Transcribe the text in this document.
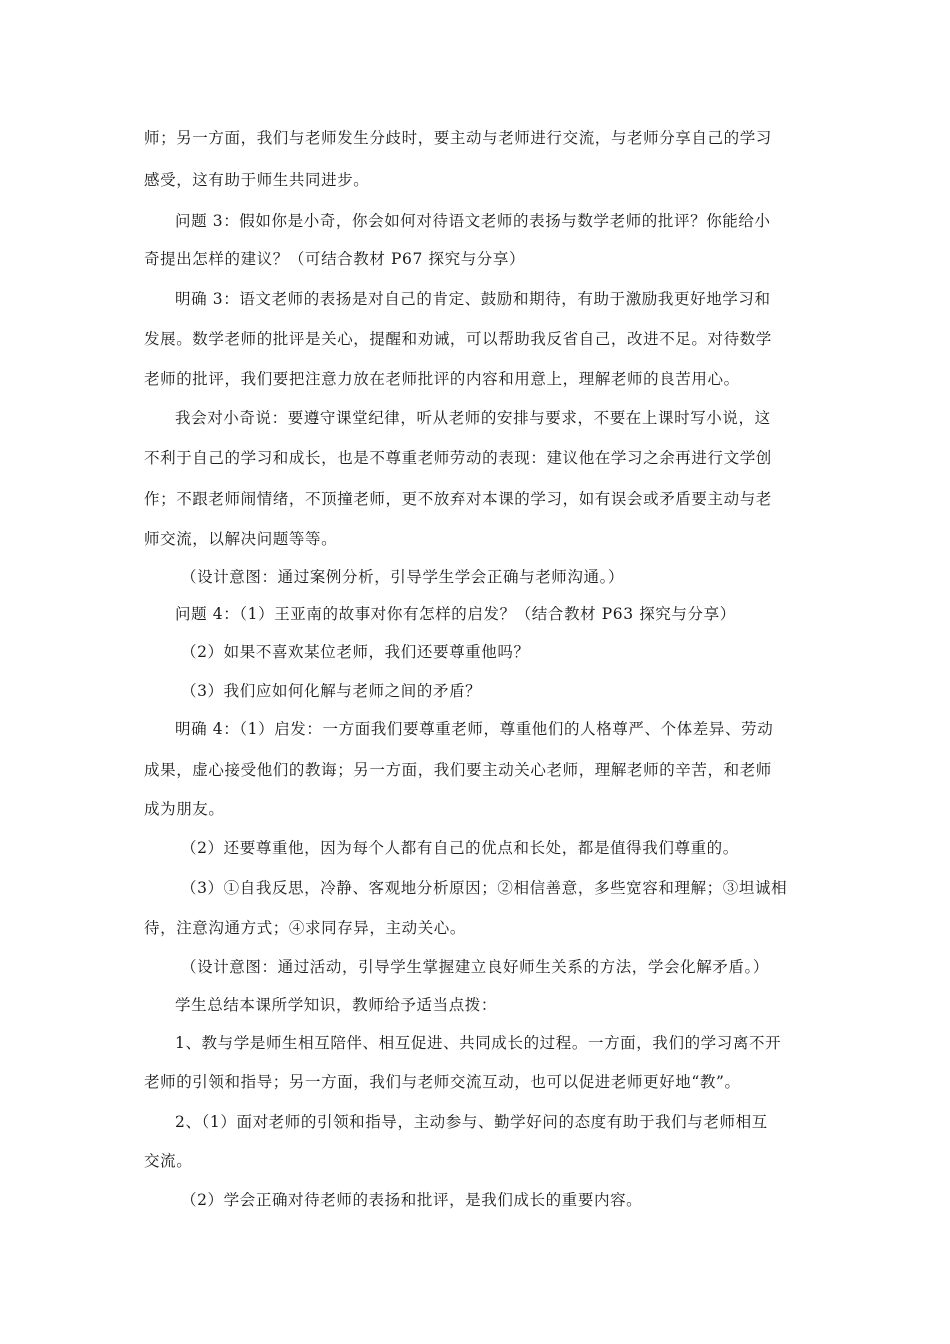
师；另一方面，我们与老师发生分歧时，要主动与老师进行交流，与老师分享自己的学习
感受，这有助于师生共同进步。
问题 3：假如你是小奇，你会如何对待语文老师的表扬与数学老师的批评？你能给小
奇提出怎样的建议？（可结合教材 P67 探究与分享）
明确 3：语文老师的表扬是对自己的肯定、鼓励和期待，有助于激励我更好地学习和
发展。数学老师的批评是关心，提醒和劝诫，可以帮助我反省自己，改进不足。对待数学
老师的批评，我们要把注意力放在老师批评的内容和用意上，理解老师的良苦用心。
我会对小奇说：要遵守课堂纪律，听从老师的安排与要求，不要在上课时写小说，这
不利于自己的学习和成长，也是不尊重老师劳动的表现：建议他在学习之余再进行文学创
作；不跟老师闹情绪，不顶撞老师，更不放弃对本课的学习，如有误会或矛盾要主动与老
师交流，以解决问题等等。
（设计意图：通过案例分析，引导学生学会正确与老师沟通。）
问题 4：（1）王亚南的故事对你有怎样的启发？（结合教材 P63 探究与分享）
（2）如果不喜欢某位老师，我们还要尊重他吗？
（3）我们应如何化解与老师之间的矛盾？
明确 4：（1）启发：一方面我们要尊重老师，尊重他们的人格尊严、个体差异、劳动
成果，虚心接受他们的教诲；另一方面，我们要主动关心老师，理解老师的辛苦，和老师
成为朋友。
（2）还要尊重他，因为每个人都有自己的优点和长处，都是值得我们尊重的。
（3）①自我反思，冷静、客观地分析原因；②相信善意，多些宽容和理解；③坦诚相
待，注意沟通方式；④求同存异，主动关心。
（设计意图：通过活动，引导学生掌握建立良好师生关系的方法，学会化解矛盾。）
学生总结本课所学知识，教师给予适当点拨：
1、教与学是师生相互陪伴、相互促进、共同成长的过程。一方面，我们的学习离不开
老师的引领和指导；另一方面，我们与老师交流互动，也可以促进老师更好地“教”。
2、（1）面对老师的引领和指导，主动参与、勤学好问的态度有助于我们与老师相互
交流。
（2）学会正确对待老师的表扬和批评，是我们成长的重要内容。
